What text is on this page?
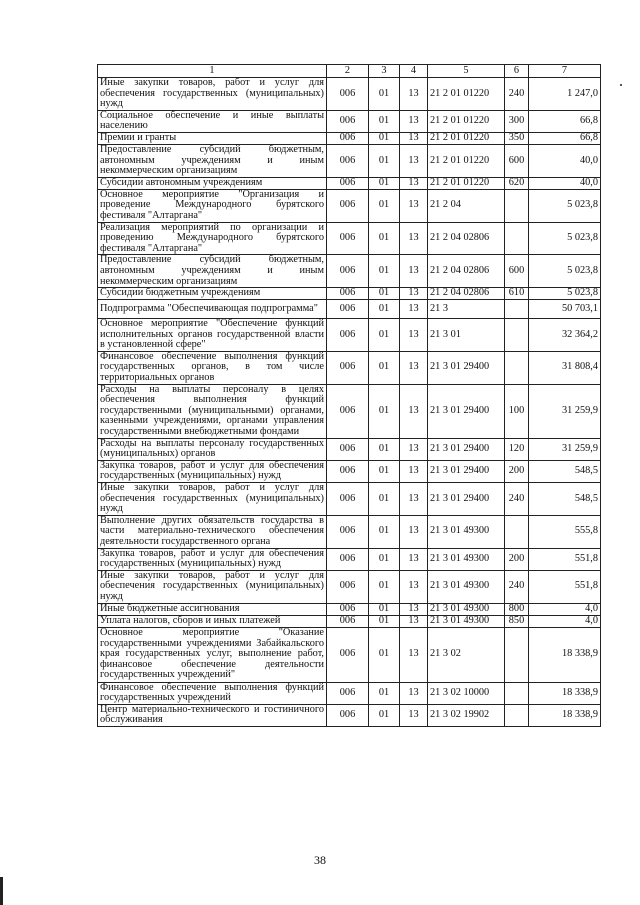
1	2	3	4	5	6	7
Иные закупки товаров, работ и услуг для обеспечения государственных (муниципальных) нужд	006	01	13	21 2 01 01220	240	1 247,0
Социальное обеспечение и иные выплаты населению	006	01	13	21 2 01 01220	300	66,8
Премии и гранты	006	01	13	21 2 01 01220	350	66,8
Предоставление субсидий бюджетным, автономным учреждениям и иным некоммерческим организациям	006	01	13	21 2 01 01220	600	40,0
Субсидии автономным учреждениям	006	01	13	21 2 01 01220	620	40,0
Основное мероприятие "Организация и проведение Международного бурятского фестиваля "Алтаргана"	006	01	13	21 2 04		5 023,8
Реализация мероприятий по организации и проведению Международного бурятского фестиваля "Алтаргана"	006	01	13	21 2 04 02806		5 023,8
Предоставление субсидий бюджетным, автономным учреждениям и иным некоммерческим организациям	006	01	13	21 2 04 02806	600	5 023,8
Субсидии бюджетным учреждениям	006	01	13	21 2 04 02806	610	5 023,8
Подпрограмма "Обеспечивающая подпрограмма"	006	01	13	21 3		50 703,1
Основное мероприятие "Обеспечение функций исполнительных органов государственной власти в установленной сфере"	006	01	13	21 3 01		32 364,2
Финансовое обеспечение выполнения функций государственных органов, в том числе территориальных органов	006	01	13	21 3 01 29400		31 808,4
Расходы на выплаты персоналу в целях обеспечения выполнения функций государственными (муниципальными) органами, казенными учреждениями, органами управления государственными внебюджетными фондами	006	01	13	21 3 01 29400	100	31 259,9
Расходы на выплаты персоналу государственных (муниципальных) органов	006	01	13	21 3 01 29400	120	31 259,9
Закупка товаров, работ и услуг для обеспечения государственных (муниципальных) нужд	006	01	13	21 3 01 29400	200	548,5
Иные закупки товаров, работ и услуг для обеспечения государственных (муниципальных) нужд	006	01	13	21 3 01 29400	240	548,5
Выполнение других обязательств государства в части материально-технического обеспечения деятельности государственного органа	006	01	13	21 3 01 49300		555,8
Закупка товаров, работ и услуг для обеспечения государственных (муниципальных) нужд	006	01	13	21 3 01 49300	200	551,8
Иные закупки товаров, работ и услуг для обеспечения государственных (муниципальных) нужд	006	01	13	21 3 01 49300	240	551,8
Иные бюджетные ассигнования	006	01	13	21 3 01 49300	800	4,0
Уплата налогов, сборов и иных платежей	006	01	13	21 3 01 49300	850	4,0
Основное мероприятие "Оказание государственными учреждениями Забайкальского края государственных услуг, выполнение работ, финансовое обеспечение деятельности государственных учреждений"	006	01	13	21 3 02		18 338,9
Финансовое обеспечение выполнения функций государственных учреждений	006	01	13	21 3 02 10000		18 338,9
Центр материально-технического и гостиничного обслуживания	006	01	13	21 3 02 19902		18 338,9
38
